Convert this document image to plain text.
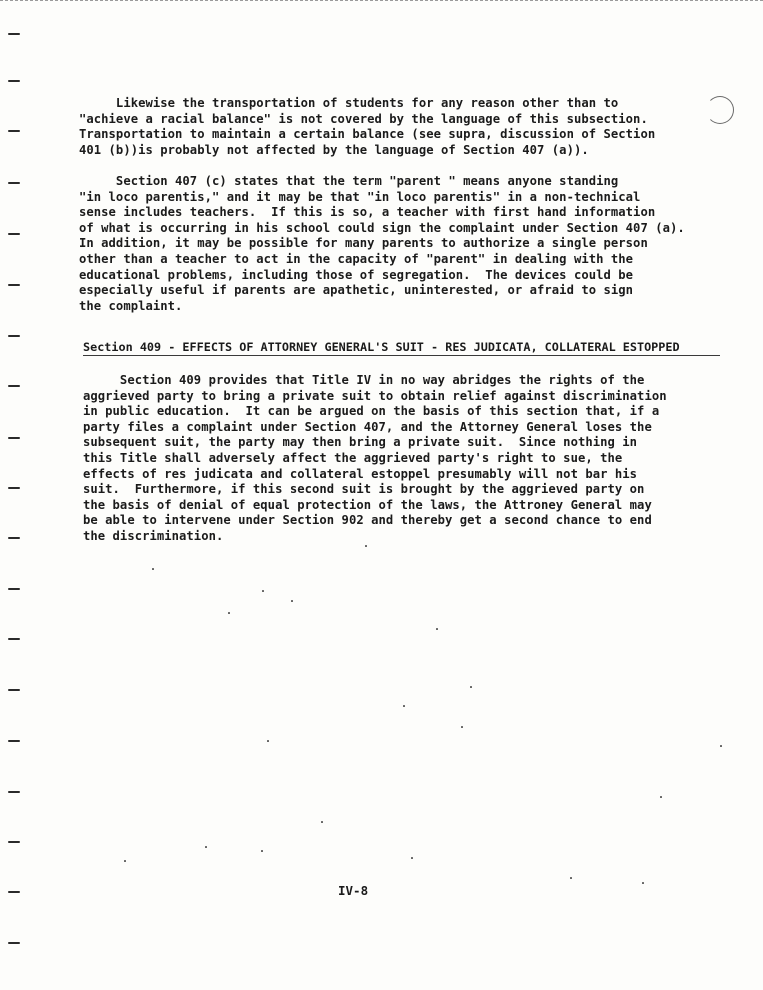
Likewise the transportation of students for any reason other than to
"achieve a racial balance" is not covered by the language of this subsection.
Transportation to maintain a certain balance (see supra, discussion of Section
401 (b))is probably not affected by the language of Section 407 (a)).
Section 407 (c) states that the term "parent " means anyone standing
"in loco parentis," and it may be that "in loco parentis" in a non-technical
sense includes teachers.  If this is so, a teacher with first hand information
of what is occurring in his school could sign the complaint under Section 407 (a).
In addition, it may be possible for many parents to authorize a single person
other than a teacher to act in the capacity of "parent" in dealing with the
educational problems, including those of segregation.  The devices could be
especially useful if parents are apathetic, uninterested, or afraid to sign
the complaint.

Section 409 - EFFECTS OF ATTORNEY GENERAL'S SUIT - RES JUDICATA, COLLATERAL ESTOPPED

Section 409 provides that Title IV in no way abridges the rights of the
aggrieved party to bring a private suit to obtain relief against discrimination
in public education.  It can be argued on the basis of this section that, if a
party files a complaint under Section 407, and the Attorney General loses the
subsequent suit, the party may then bring a private suit.  Since nothing in
this Title shall adversely affect the aggrieved party's right to sue, the
effects of res judicata and collateral estoppel presumably will not bar his
suit.  Furthermore, if this second suit is brought by the aggrieved party on
the basis of denial of equal protection of the laws, the Attroney General may
be able to intervene under Section 902 and thereby get a second chance to end
the discrimination.

IV-8
